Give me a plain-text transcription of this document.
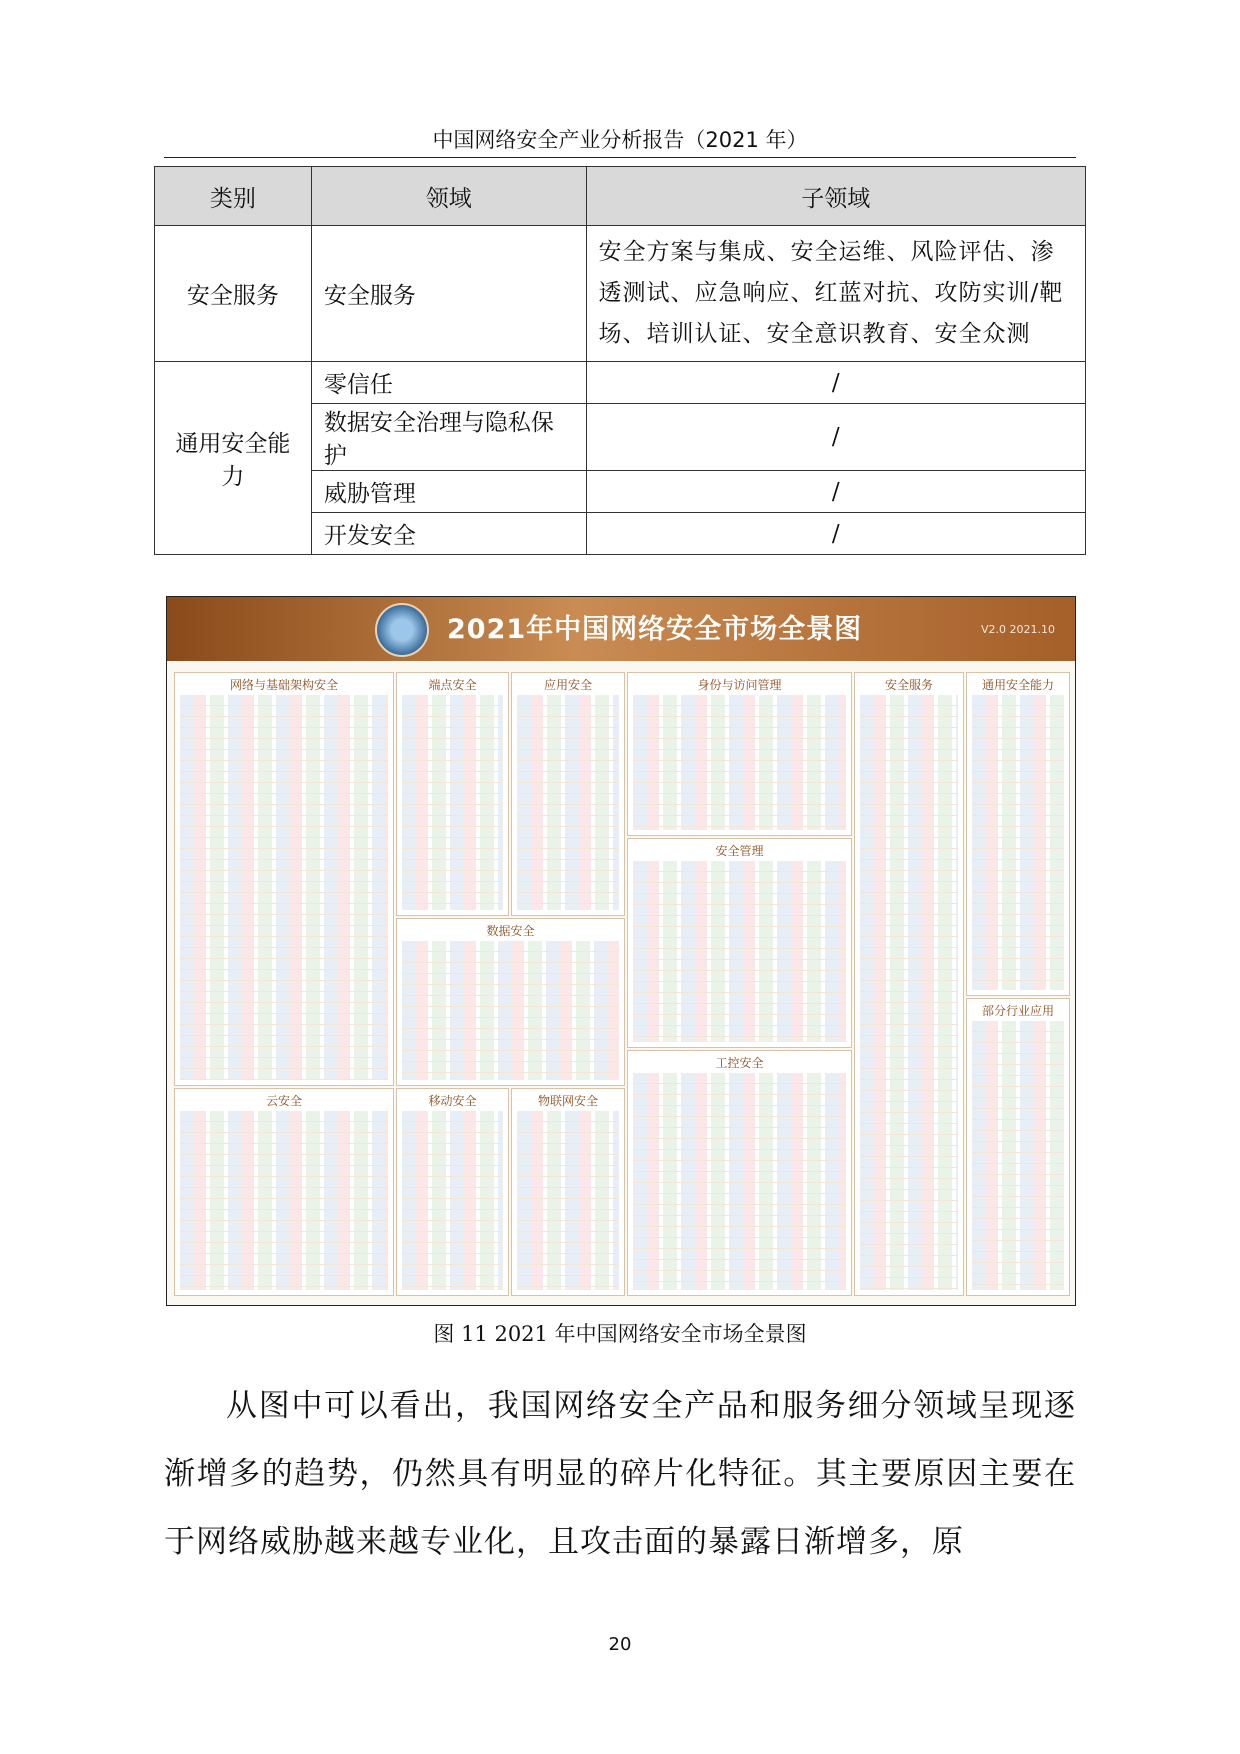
中国网络安全产业分析报告（2021 年）
类别	领域	子领域
安全服务	安全服务	安全方案与集成、安全运维、风险评估、渗透测试、应急响应、红蓝对抗、攻防实训/靶场、培训认证、安全意识教育、安全众测
通用安全能力	零信任	/
	数据安全治理与隐私保护	/
	威胁管理	/
	开发安全	/
2021年中国网络安全市场全景图	V2.0 2021.10
网络与基础架构安全	端点安全	应用安全	身份与访问管理	安全服务	通用安全能力
安全管理
数据安全
部分行业应用
云安全	移动安全	物联网安全
工控安全
图 11 2021 年中国网络安全市场全景图
从图中可以看出，我国网络安全产品和服务细分领域呈现逐渐增多的趋势，仍然具有明显的碎片化特征。其主要原因主要在于网络威胁越来越专业化，且攻击面的暴露日渐增多，原
20
